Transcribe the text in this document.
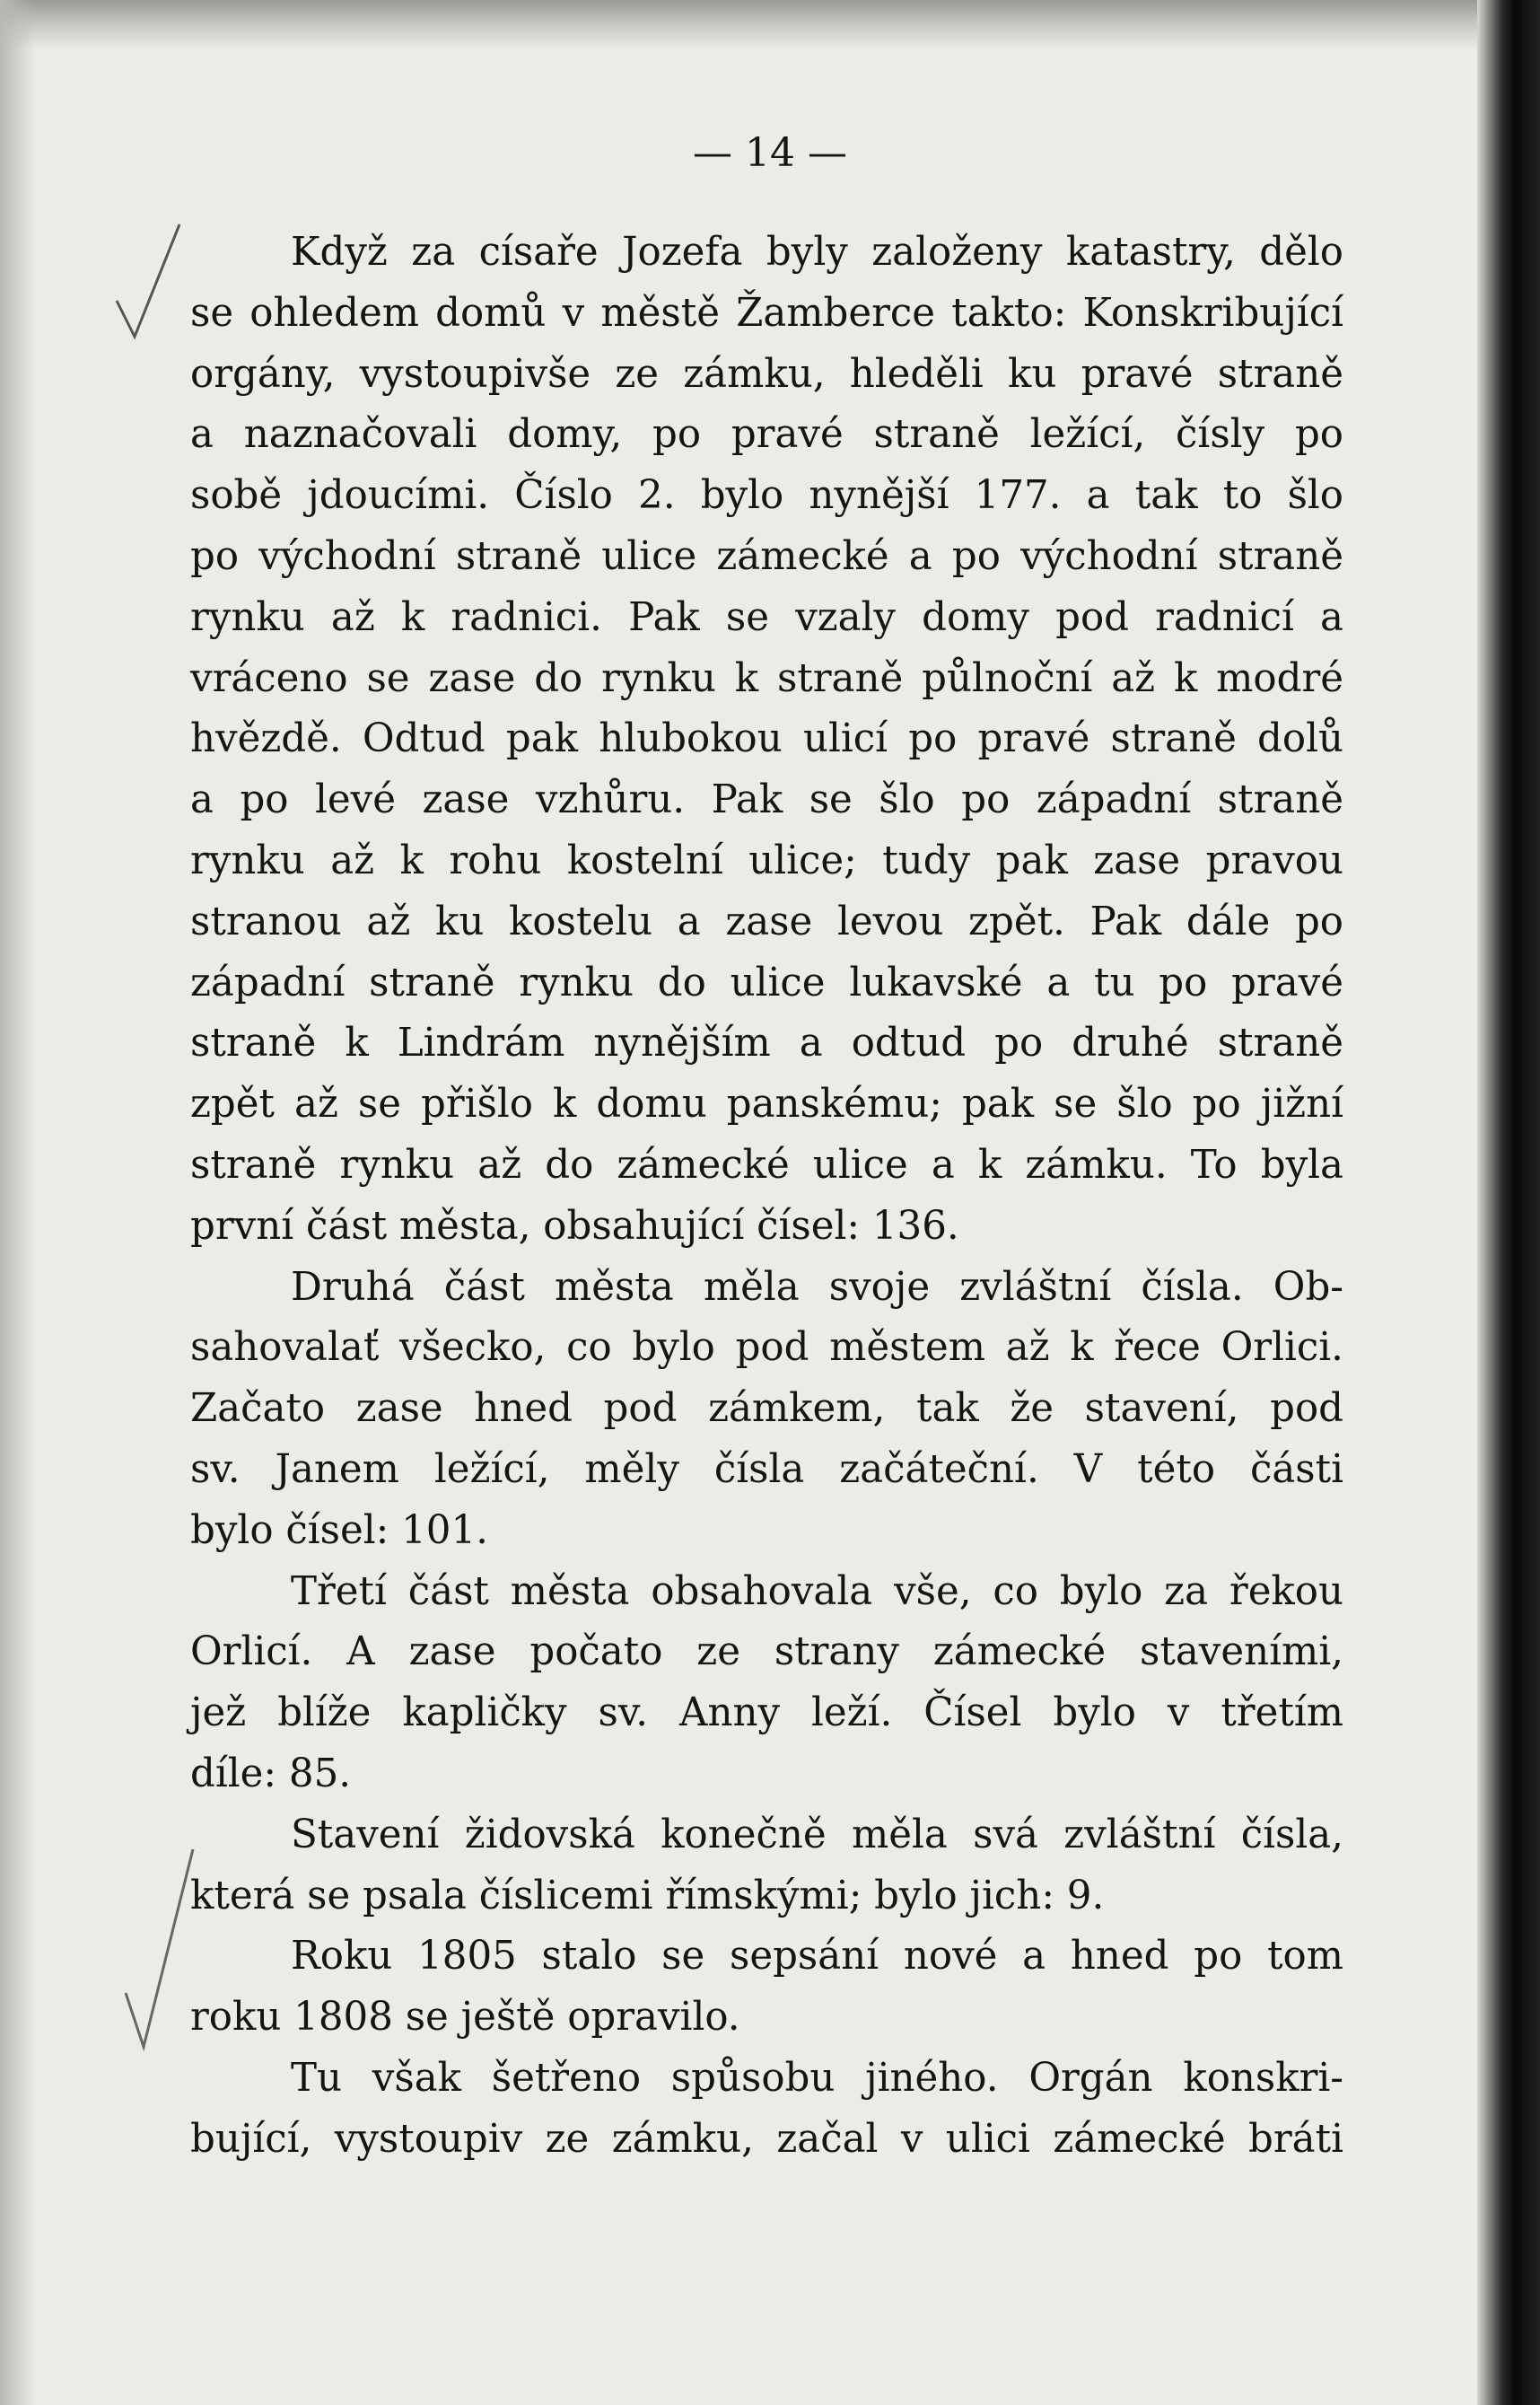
— 14 —
Když za císaře Jozefa byly založeny katastry, dělo
se ohledem domů v městě Žamberce takto: Konskribující
orgány, vystoupivše ze zámku, hleděli ku pravé straně
a naznačovali domy, po pravé straně ležící, čísly po
sobě jdoucími. Číslo 2. bylo nynější 177. a tak to šlo
po východní straně ulice zámecké a po východní straně
rynku až k radnici. Pak se vzaly domy pod radnicí a
vráceno se zase do rynku k straně půlnoční až k modré
hvězdě. Odtud pak hlubokou ulicí po pravé straně dolů
a po levé zase vzhůru. Pak se šlo po západní straně
rynku až k rohu kostelní ulice; tudy pak zase pravou
stranou až ku kostelu a zase levou zpět. Pak dále po
západní straně rynku do ulice lukavské a tu po pravé
straně k Lindrám nynějším a odtud po druhé straně
zpět až se přišlo k domu panskému; pak se šlo po jižní
straně rynku až do zámecké ulice a k zámku. To byla
první část města, obsahující čísel: 136.
Druhá část města měla svoje zvláštní čísla. Ob-
sahovalať všecko, co bylo pod městem až k řece Orlici.
Začato zase hned pod zámkem, tak že stavení, pod
sv. Janem ležící, měly čísla začáteční. V této části
bylo čísel: 101.
Třetí část města obsahovala vše, co bylo za řekou
Orlicí. A zase počato ze strany zámecké staveními,
jež blíže kapličky sv. Anny leží. Čísel bylo v třetím
díle: 85.
Stavení židovská konečně měla svá zvláštní čísla,
která se psala číslicemi římskými; bylo jich: 9.
Roku 1805 stalo se sepsání nové a hned po tom
roku 1808 se ještě opravilo.
Tu však šetřeno spůsobu jiného. Orgán konskri-
bující, vystoupiv ze zámku, začal v ulici zámecké bráti
